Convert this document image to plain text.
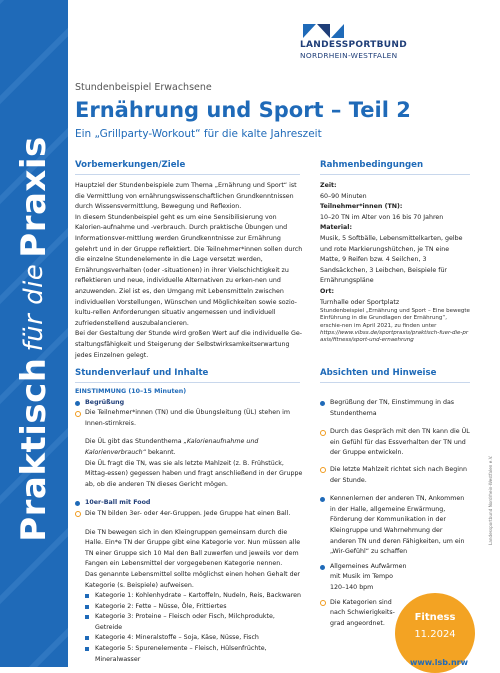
Praktisch
für die
Praxis
LANDESSPORTBUND
NORDRHEIN-WESTFALEN
Stundenbeispiel Erwachsene
Ernährung und Sport – Teil 2
Ein „Grillparty-Workout“ für die kalte Jahreszeit
Vorbemerkungen/Ziele	Rahmenbedingungen

Hauptziel der Stundenbeispiele zum Thema „Ernährung und Sport“ ist die Vermittlung von ernährungswissenschaftlichen Grundkenntnissen durch Wissensvermittlung, Bewegung und Reflexion.

In diesem Stundenbeispiel geht es um eine Sensibilisierung von Kalorien-aufnahme und -verbrauch. Durch praktische Übungen und Informationsver-mittlung werden Grundkenntnisse zur Ernährung gelehrt und in der Gruppe reflektiert. Die Teilnehmer*innen sollen durch die einzelne Stundenelemente in die Lage versetzt werden, Ernährungsverhalten (oder -situationen) in ihrer Vielschichtigkeit zu reflektieren und neue, individuelle Alternativen zu erken-nen und anzuwenden. Ziel ist es, den Umgang mit Lebensmitteln zwischen individuellen Vorstellungen, Wünschen und Möglichkeiten sowie sozio-kultu-rellen Anforderungen situativ angemessen und individuell zufriedenstellend auszubalancieren.

Bei der Gestaltung der Stunde wird großen Wert auf die individuelle Ge-staltungsfähigkeit und Steigerung der Selbstwirksamkeitserwartung jedes Einzelnen gelegt.

Zeit:

60–90 Minuten

Teilnehmer*innen (TN):

10–20 TN im Alter von 16 bis 70 Jahren

Material:

Musik, 5 Softbälle, Lebensmittelkarten, gelbe und rote Markierungshütchen, je TN eine Matte, 9 Reifen bzw. 4 Seilchen, 3 Sandsäckchen, 3 Leibchen, Beispiele für Ernährungspläne

Ort:

Turnhalle oder Sportplatz

Stundenbeispiel „Ernährung und Sport – Eine bewegte Einführung in die Grundlagen der Ernährung“, erschie-nen im April 2021, zu finden unter

https://www.vibss.de/sportpraxis/praktisch-fuer-die-praxis/fitness/sport-und-ernaehrung

Stundenverlauf und Inhalte	Absichten und Hinweise

EINSTIMMUNG (10–15 Minuten)

Begrüßung

Die Teilnehmer*innen (TN) und die Übungsleitung (ÜL) stehen im Innen-stirnkreis.

Die ÜL gibt das Stundenthema „Kalorienaufnahme und Kalorienverbrauch“ bekannt.

Die ÜL fragt die TN, was sie als letzte Mahlzeit (z. B. Frühstück, Mittag-essen) gegessen haben und fragt anschließend in der Gruppe ab, ob die anderen TN dieses Gericht mögen.

10er-Ball mit Food

Die TN bilden 3er- oder 4er-Gruppen. Jede Gruppe hat einen Ball.

Die TN bewegen sich in den Kleingruppen gemeinsam durch die Halle. Ein*e TN der Gruppe gibt eine Kategorie vor. Nun müssen alle TN einer Gruppe sich 10 Mal den Ball zuwerfen und jeweils vor dem Fangen ein Lebensmittel der vorgegebenen Kategorie nennen.

Das genannte Lebensmittel sollte möglichst einen hohen Gehalt der Kategorie (s. Beispiele) aufweisen.

Kategorie 1: Kohlenhydrate – Kartoffeln, Nudeln, Reis, Backwaren

Kategorie 2: Fette – Nüsse, Öle, Frittiertes

Kategorie 3: Proteine – Fleisch oder Fisch, Milchprodukte, Getreide

Kategorie 4: Mineralstoffe – Soja, Käse, Nüsse, Fisch

Kategorie 5: Spurenelemente – Fleisch, Hülsenfrüchte, Mineralwasser

Begrüßung der TN, Einstimmung in das Stundenthema

Durch das Gespräch mit den TN kann die ÜL ein Gefühl für das Essverhalten der TN und der Gruppe entwickeln.

Die letzte Mahlzeit richtet sich nach Beginn der Stunde.

Kennenlernen der anderen TN, Ankommen in der Halle, allgemeine Erwärmung, Förderung der Kommunikation in der Kleingruppe und Wahrnehmung der anderen TN und deren Fähigkeiten, um ein „Wir-Gefühl“ zu schaffen

Allgemeines Aufwärmen mit Musik im Tempo 120–140 bpm

Die Kategorien sind nach Schwierigkeits-grad angeordnet.

Fitness
11.2024
Landessportbund Nordrhein-Westfalen e.V.
www.lsb.nrw
